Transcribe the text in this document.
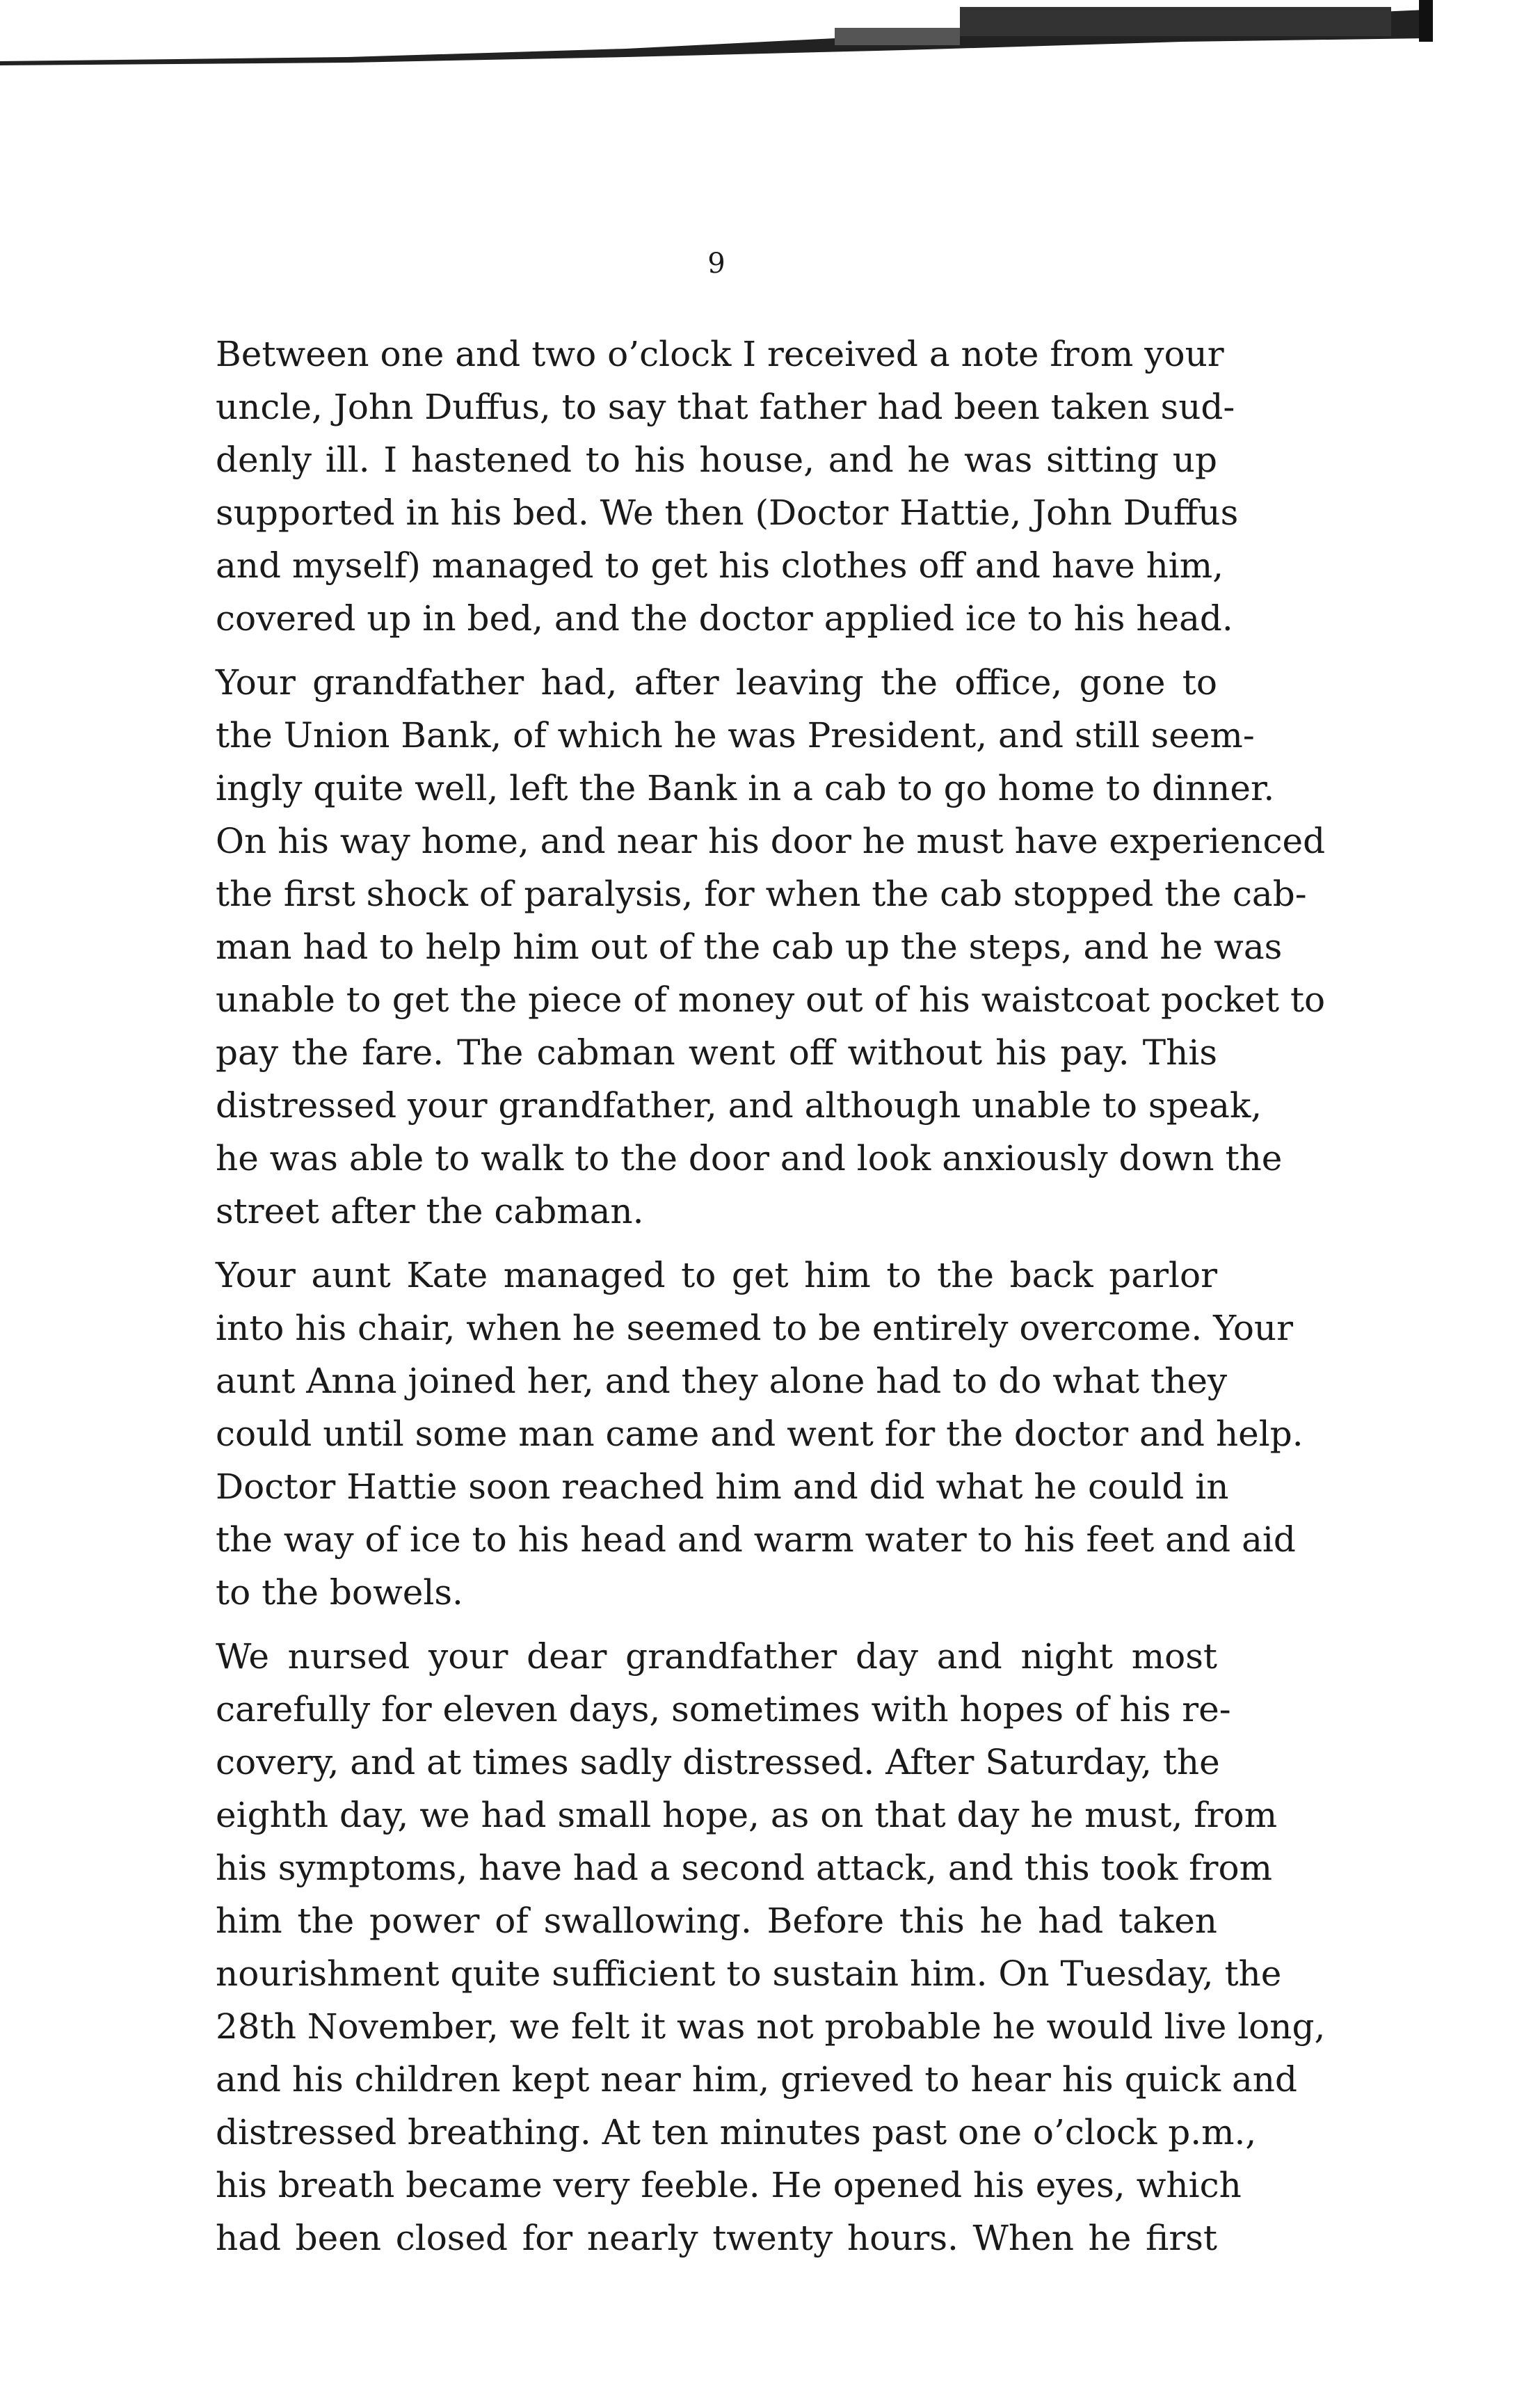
9

Between one and two o’clock I received a note from your
uncle, John Duffus, to say that father had been taken sud-
denly ill. I hastened to his house, and he was sitting up
supported in his bed. We then (Doctor Hattie, John Duffus
and myself) managed to get his clothes off and have him,
covered up in bed, and the doctor applied ice to his head.

Your grandfather had, after leaving the office, gone to
the Union Bank, of which he was President, and still seem-
ingly quite well, left the Bank in a cab to go home to dinner.
On his way home, and near his door he must have experienced
the first shock of paralysis, for when the cab stopped the cab-
man had to help him out of the cab up the steps, and he was
unable to get the piece of money out of his waistcoat pocket to
pay the fare. The cabman went off without his pay. This
distressed your grandfather, and although unable to speak,
he was able to walk to the door and look anxiously down the
street after the cabman.

Your aunt Kate managed to get him to the back parlor
into his chair, when he seemed to be entirely overcome. Your
aunt Anna joined her, and they alone had to do what they
could until some man came and went for the doctor and help.
Doctor Hattie soon reached him and did what he could in
the way of ice to his head and warm water to his feet and aid
to the bowels.

We nursed your dear grandfather day and night most
carefully for eleven days, sometimes with hopes of his re-
covery, and at times sadly distressed. After Saturday, the
eighth day, we had small hope, as on that day he must, from
his symptoms, have had a second attack, and this took from
him the power of swallowing. Before this he had taken
nourishment quite sufficient to sustain him. On Tuesday, the
28th November, we felt it was not probable he would live long,
and his children kept near him, grieved to hear his quick and
distressed breathing. At ten minutes past one o’clock p.m.,
his breath became very feeble. He opened his eyes, which
had been closed for nearly twenty hours. When he first
